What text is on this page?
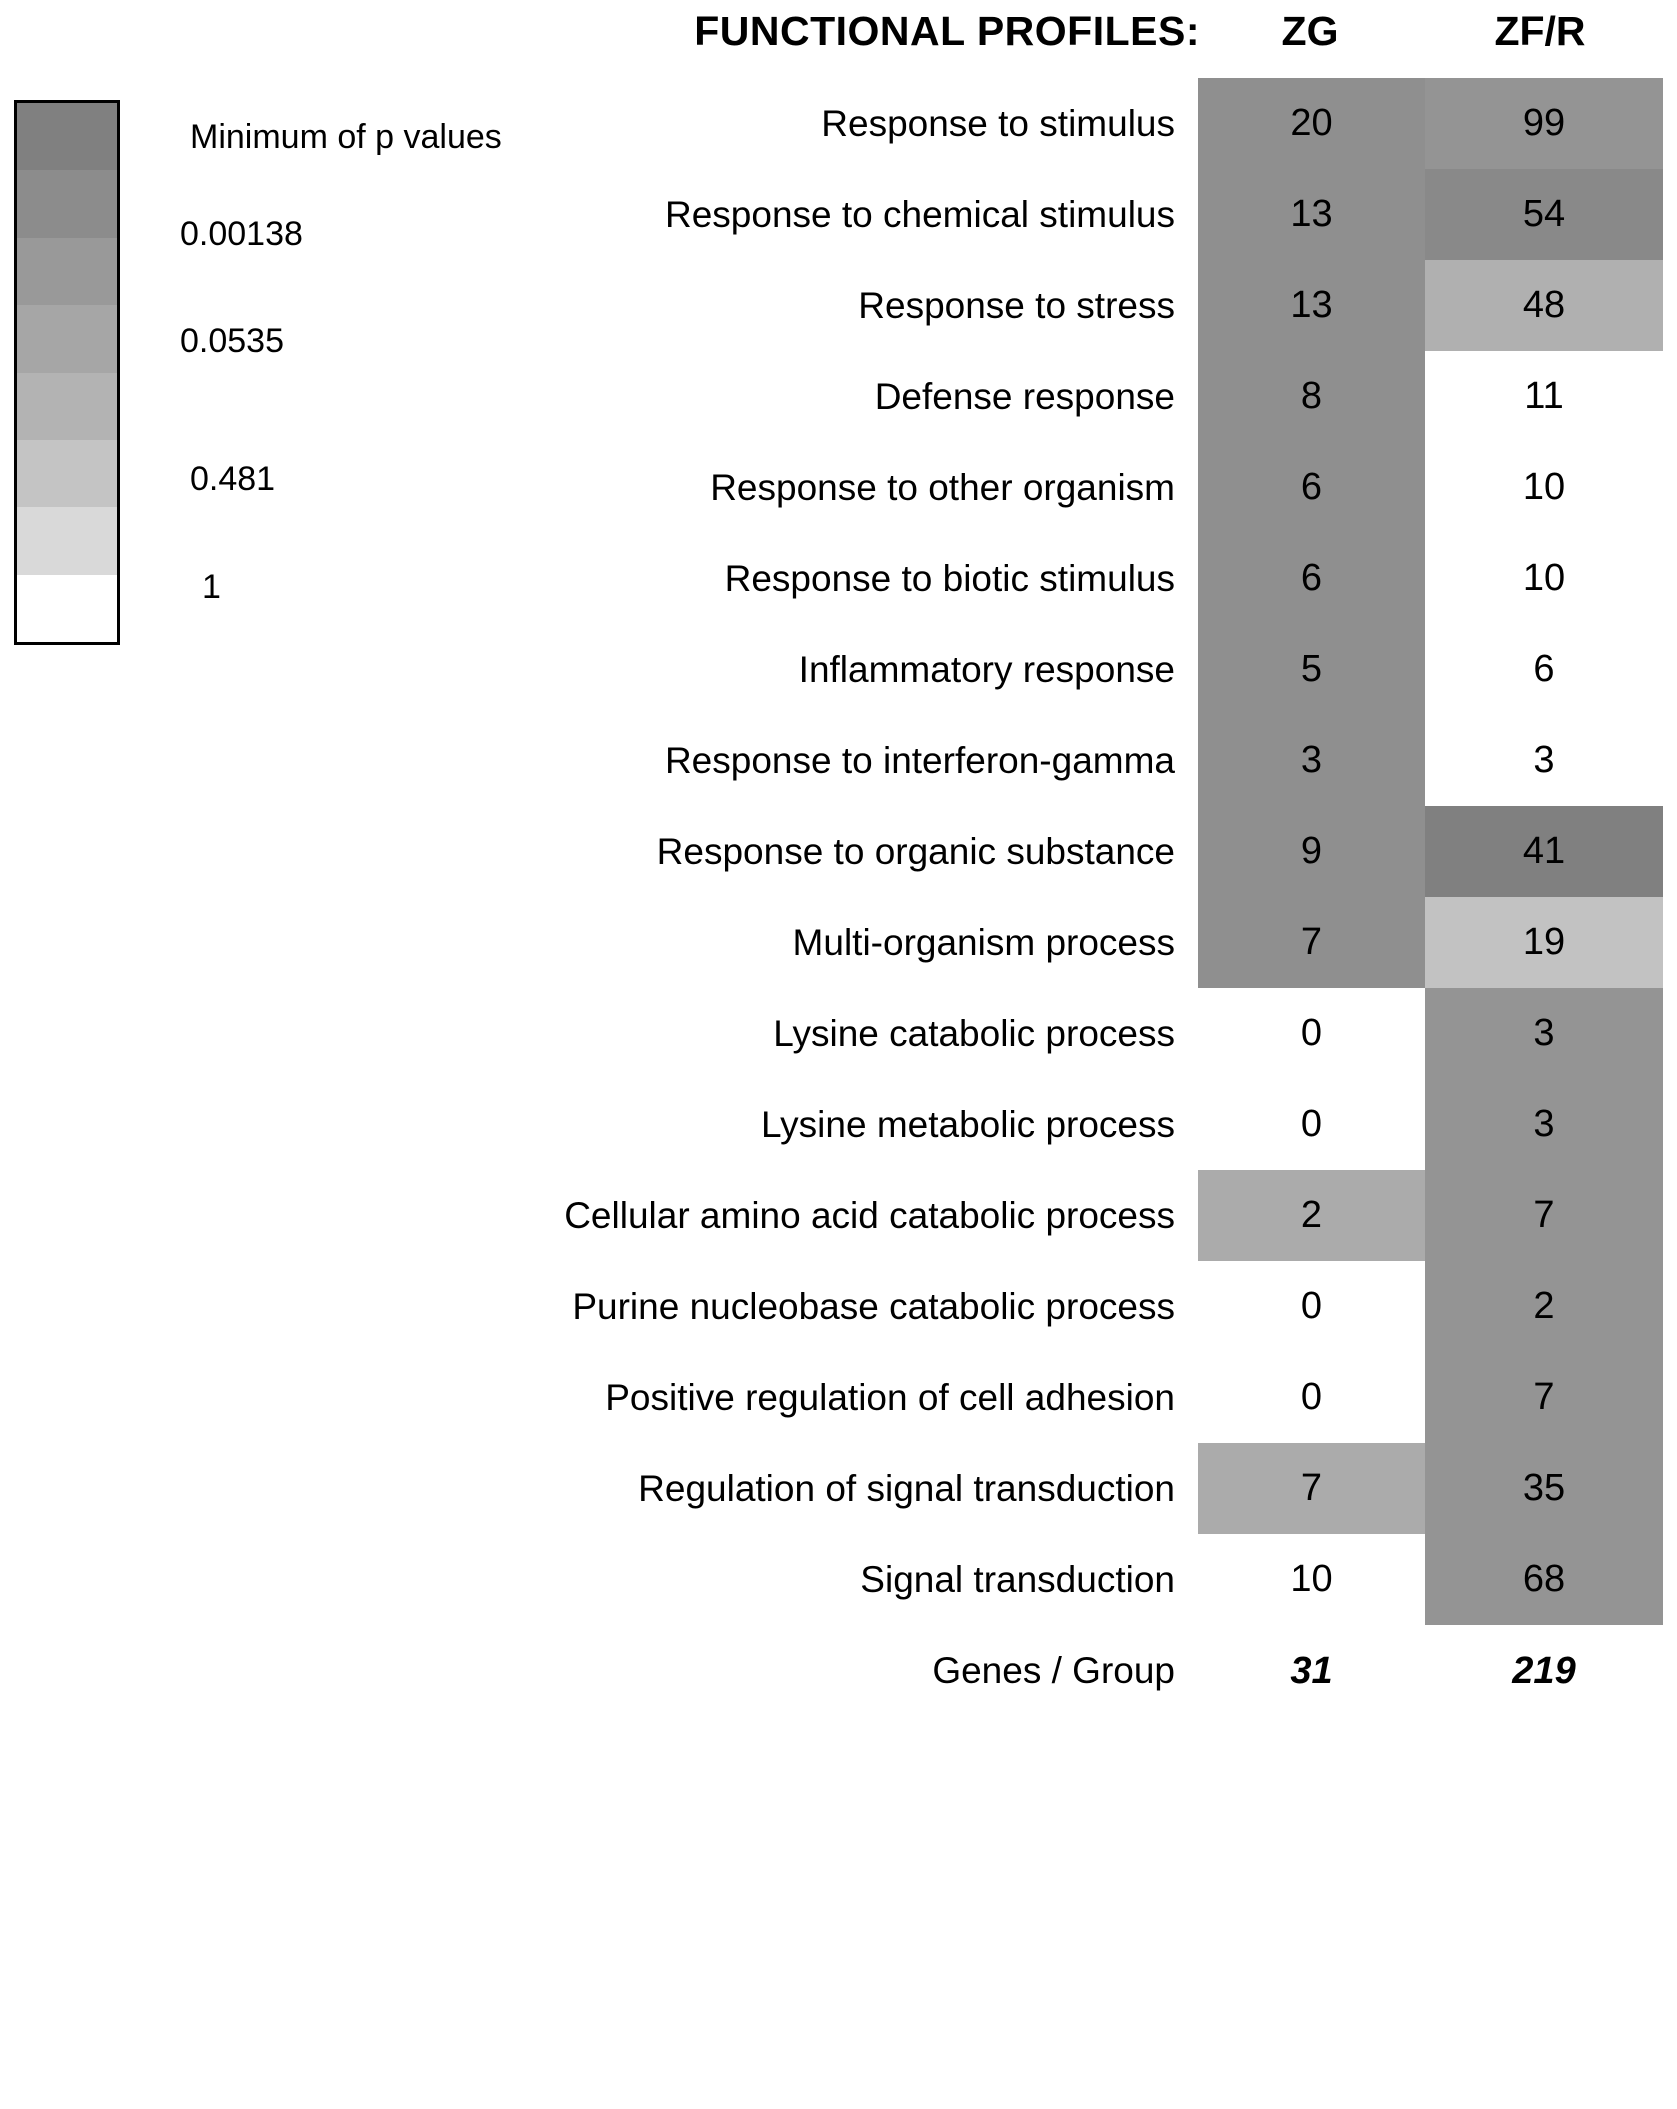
FUNCTIONAL PROFILES:	ZG	ZF/R
Minimum of p values
0.00138
0.0535
0.481
1
Response to stimulus	20	99
Response to chemical stimulus	13	54
Response to stress	13	48
Defense response	8	11
Response to other organism	6	10
Response to biotic stimulus	6	10
Inflammatory response	5	6
Response to interferon-gamma	3	3
Response to organic substance	9	41
Multi-organism process	7	19
Lysine catabolic process	0	3
Lysine metabolic process	0	3
Cellular amino acid catabolic process	2	7
Purine nucleobase catabolic process	0	2
Positive regulation of cell adhesion	0	7
Regulation of signal transduction	7	35
Signal transduction	10	68
Genes / Group	31	219
